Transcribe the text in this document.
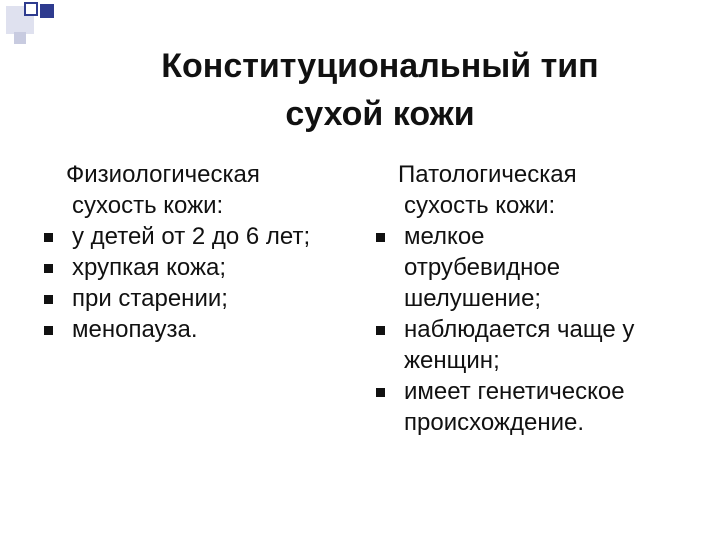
Конституциональный тип
сухой кожи
Физиологическая
сухость кожи:
у детей от 2 до 6 лет;
хрупкая кожа;
при старении;
менопауза.
Патологическая
сухость кожи:
мелкое отрубевидное шелушение;
наблюдается чаще у женщин;
имеет генетическое происхождение.
